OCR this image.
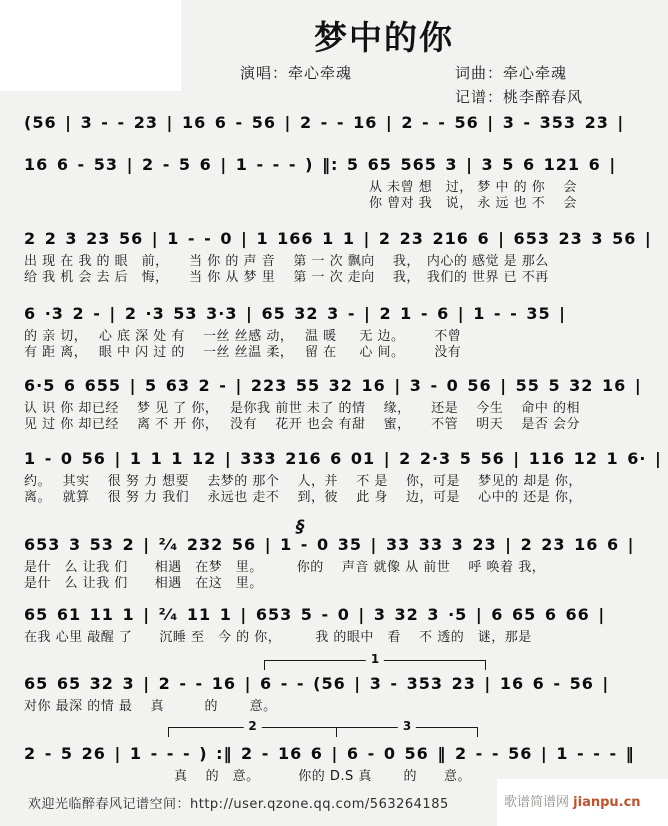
梦中的你
演唱：牵心牵魂	词曲：牵心牵魂
记谱：桃李醉春风
(56 | 3 - - 23 | 16 6 - 56 | 2 - - 16 | 2 - - 56 | 3 - 353 23 |
16 6 - 53 | 2 - 5 6 | 1 - - - ) ‖: 5 65 565 3 | 3 5 6 121 6 |
从 未曾 想　过， 梦 中 的 你　 会
你 曾对 我　说， 永 远 也 不　 会
2 2 3 23 56 | 1 - - 0 | 1 166 1 1 | 2 23 216 6 | 653 23 3 56 |
出 现 在 我 的 眼　前，　　当 你 的 声 音　 第 一 次 飘向　 我，　内心的 感觉 是 那么
给 我 机 会 去 后　悔，　　当 你 从 梦 里　 第 一 次 走向　 我，　我们的 世界 已 不再
6 ·3 2 - | 2 ·3 53 3·3 | 65 32 3 - | 2 1 - 6 | 1 - - 35 |
的 亲 切，　 心 底 深 处 有　 一丝 丝感 动，　 温 暖　  无 边。　　  不曾
有 距 离，　 眼 中 闪 过 的　 一丝 丝温 柔，　 留 在　  心 间。　　  没有
6·5 6 655 | 5 63 2 - | 223 55 32 16 | 3 - 0 56 | 55 5 32 16 |
认 识 你 却已经　 梦 见 了 你，　 是你我 前世 未了 的情　 缘，　　还是　 今生　 命中 的相
见 过 你 却已经　 离 不 开 你，　 没有　 花开 也会 有甜　 蜜，　　不管　 明天　 是否 会分
1 - 0 56 | 1 1 1 12 | 333 216 6 01 | 2 2·3 5 56 | 116 12 1 6· |
约。　 其实　 很 努 力 想要　 去梦的 那个　 人，并　 不 是　 你，可是　 梦见的 却是 你，
离。　 就算　 很 努 力 我们　 永远也 走不　 到，彼　 此 身　 边，可是　 心中的 还是 你，
§
653 3 53 2 | ²⁄₄ 232 56 | 1 - 0 35 | 33 33 3 23 | 2 23 16 6 |
是什　么 让我 们　　相遇　在梦　里。　　　你的　 声音 就像 从 前世　 呼 唤着 我，
是什　么 让我 们　　相遇　在这　里。
65 61 11 1 | ²⁄₄ 11 1 | 653 5 - 0 | 3 32 3 ·5 | 6 65 6 66 |
在我 心里 敲醒 了　　沉睡 至　今 的 你，　　　我 的眼中　看　 不 透的　谜，那是
1
65 65 32 3 | 2 - - 16 | 6 - - (56 | 3 - 353 23 | 16 6 - 56 |
对你 最深 的情 最　 真　　　的　　 意。
2	3
2 - 5 26 | 1 - - - ) :‖ 2 - 16 6 | 6 - 0 56 ‖ 2 - - 56 | 1 - - - ‖
真　 的　意。　　　 你的 D.S 真　　 的　　意。
欢迎光临醉春风记谱空间：http://user.qzone.qq.com/563264185	歌谱简谱网 jianpu.cn
